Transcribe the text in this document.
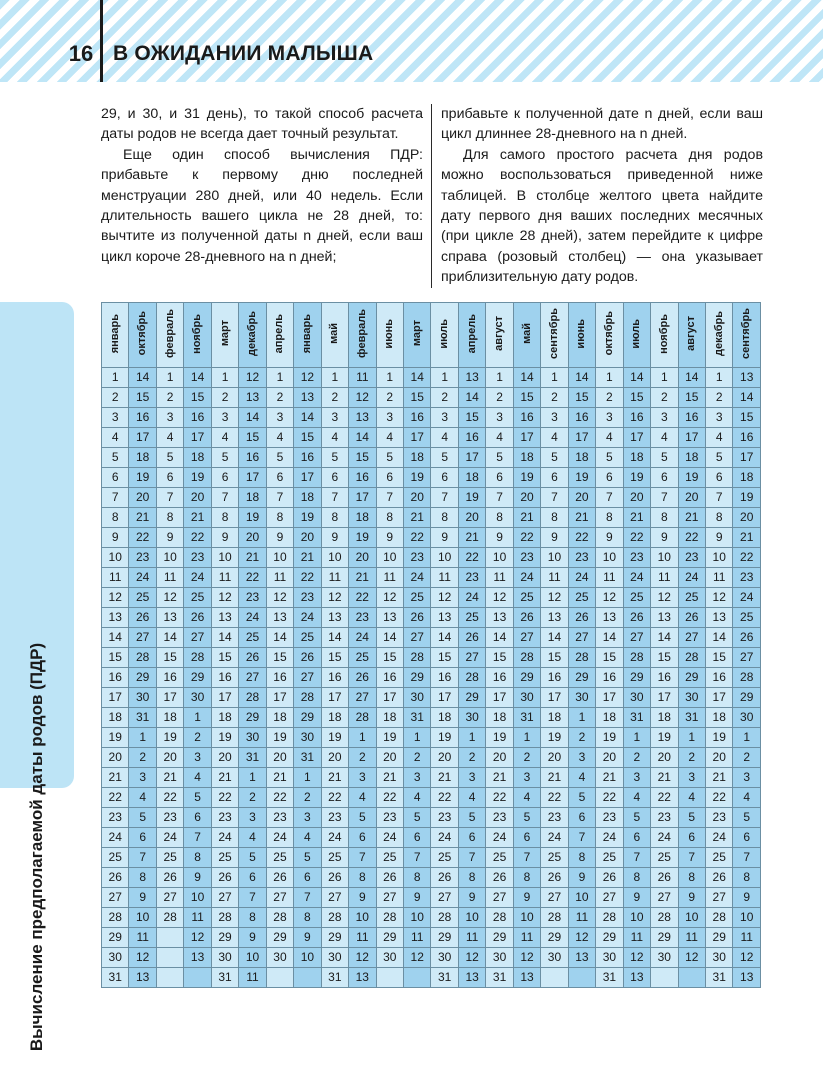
16 В ОЖИДАНИИ МАЛЫША
Вычисление предполагаемой даты родов (ПДР)

29, и 30, и 31 день), то такой способ расчета даты родов не всегда дает точный результат.

Еще один способ вычисления ПДР: прибавьте к первому дню последней менструации 280 дней, или 40 недель. Если длительность вашего цикла не 28 дней, то: вычтите из полученной даты n дней, если ваш цикл короче 28-дневного на n дней;

прибавьте к полученной дате n дней, если ваш цикл длиннее 28-дневного на n дней.

Для самого простого расчета дня родов можно воспользоваться приведенной ниже таблицей. В столбце желтого цвета найдите дату первого дня ваших последних месячных (при цикле 28 дней), затем перейдите к цифре справа (розовый столбец) — она указывает приблизительную дату родов.

январь	октябрь	февраль	ноябрь	март	декабрь	апрель	январь	май	февраль	июнь	март	июль	апрель	август	май	сентябрь	июнь	октябрь	июль	ноябрь	август	декабрь	сентябрь
1	14	1	14	1	12	1	12	1	11	1	14	1	13	1	14	1	14	1	14	1	14	1	13
2	15	2	15	2	13	2	13	2	12	2	15	2	14	2	15	2	15	2	15	2	15	2	14
3	16	3	16	3	14	3	14	3	13	3	16	3	15	3	16	3	16	3	16	3	16	3	15
4	17	4	17	4	15	4	15	4	14	4	17	4	16	4	17	4	17	4	17	4	17	4	16
5	18	5	18	5	16	5	16	5	15	5	18	5	17	5	18	5	18	5	18	5	18	5	17
6	19	6	19	6	17	6	17	6	16	6	19	6	18	6	19	6	19	6	19	6	19	6	18
7	20	7	20	7	18	7	18	7	17	7	20	7	19	7	20	7	20	7	20	7	20	7	19
8	21	8	21	8	19	8	19	8	18	8	21	8	20	8	21	8	21	8	21	8	21	8	20
9	22	9	22	9	20	9	20	9	19	9	22	9	21	9	22	9	22	9	22	9	22	9	21
10	23	10	23	10	21	10	21	10	20	10	23	10	22	10	23	10	23	10	23	10	23	10	22
11	24	11	24	11	22	11	22	11	21	11	24	11	23	11	24	11	24	11	24	11	24	11	23
12	25	12	25	12	23	12	23	12	22	12	25	12	24	12	25	12	25	12	25	12	25	12	24
13	26	13	26	13	24	13	24	13	23	13	26	13	25	13	26	13	26	13	26	13	26	13	25
14	27	14	27	14	25	14	25	14	24	14	27	14	26	14	27	14	27	14	27	14	27	14	26
15	28	15	28	15	26	15	26	15	25	15	28	15	27	15	28	15	28	15	28	15	28	15	27
16	29	16	29	16	27	16	27	16	26	16	29	16	28	16	29	16	29	16	29	16	29	16	28
17	30	17	30	17	28	17	28	17	27	17	30	17	29	17	30	17	30	17	30	17	30	17	29
18	31	18	1	18	29	18	29	18	28	18	31	18	30	18	31	18	1	18	31	18	31	18	30
19	1	19	2	19	30	19	30	19	1	19	1	19	1	19	1	19	2	19	1	19	1	19	1
20	2	20	3	20	31	20	31	20	2	20	2	20	2	20	2	20	3	20	2	20	2	20	2
21	3	21	4	21	1	21	1	21	3	21	3	21	3	21	3	21	4	21	3	21	3	21	3
22	4	22	5	22	2	22	2	22	4	22	4	22	4	22	4	22	5	22	4	22	4	22	4
23	5	23	6	23	3	23	3	23	5	23	5	23	5	23	5	23	6	23	5	23	5	23	5
24	6	24	7	24	4	24	4	24	6	24	6	24	6	24	6	24	7	24	6	24	6	24	6
25	7	25	8	25	5	25	5	25	7	25	7	25	7	25	7	25	8	25	7	25	7	25	7
26	8	26	9	26	6	26	6	26	8	26	8	26	8	26	8	26	9	26	8	26	8	26	8
27	9	27	10	27	7	27	7	27	9	27	9	27	9	27	9	27	10	27	9	27	9	27	9
28	10	28	11	28	8	28	8	28	10	28	10	28	10	28	10	28	11	28	10	28	10	28	10
29	11		12	29	9	29	9	29	11	29	11	29	11	29	11	29	12	29	11	29	11	29	11
30	12		13	30	10	30	10	30	12	30	12	30	12	30	12	30	13	30	12	30	12	30	12
31	13			31	11			31	13			31	13	31	13			31	13			31	13
